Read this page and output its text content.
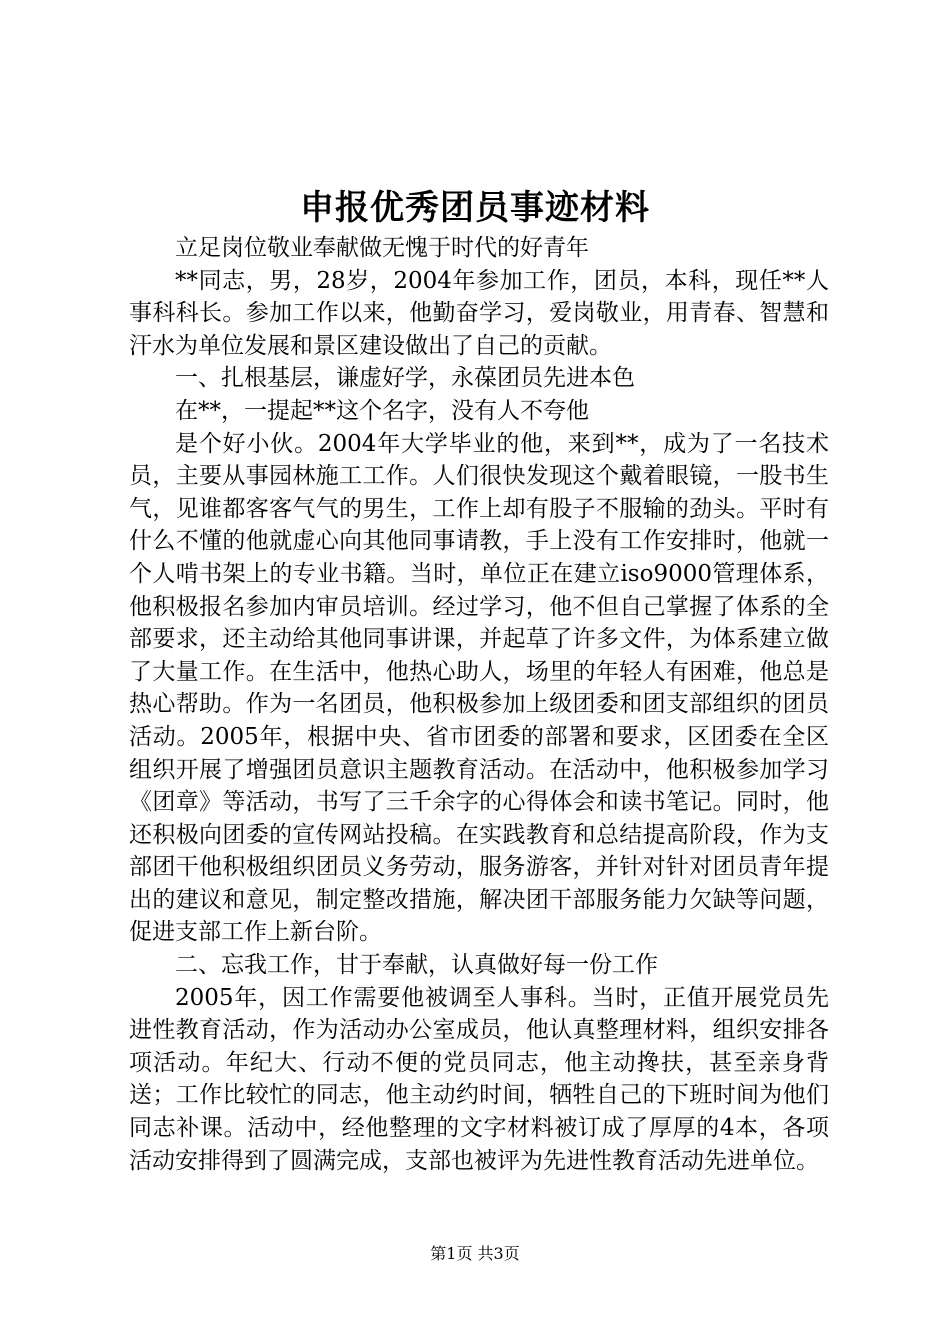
申报优秀团员事迹材料

立足岗位敬业奉献做无愧于时代的好青年

**同志，男，28岁，2004年参加工作，团员，本科，现任**人事科科长。参加工作以来，他勤奋学习，爱岗敬业，用青春、智慧和汗水为单位发展和景区建设做出了自己的贡献。

一、扎根基层，谦虚好学，永葆团员先进本色

在**，一提起**这个名字，没有人不夸他

是个好小伙。2004年大学毕业的他，来到**，成为了一名技术员，主要从事园林施工工作。人们很快发现这个戴着眼镜，一股书生气，见谁都客客气气的男生，工作上却有股子不服输的劲头。平时有什么不懂的他就虚心向其他同事请教，手上没有工作安排时，他就一个人啃书架上的专业书籍。当时，单位正在建立iso9000管理体系，他积极报名参加内审员培训。经过学习，他不但自己掌握了体系的全部要求，还主动给其他同事讲课，并起草了许多文件，为体系建立做了大量工作。在生活中，他热心助人，场里的年轻人有困难，他总是热心帮助。作为一名团员，他积极参加上级团委和团支部组织的团员活动。2005年，根据中央、省市团委的部署和要求，区团委在全区组织开展了增强团员意识主题教育活动。在活动中，他积极参加学习《团章》等活动，书写了三千余字的心得体会和读书笔记。同时，他还积极向团委的宣传网站投稿。在实践教育和总结提高阶段，作为支部团干他积极组织团员义务劳动，服务游客，并针对针对团员青年提出的建议和意见，制定整改措施，解决团干部服务能力欠缺等问题，促进支部工作上新台阶。

二、忘我工作，甘于奉献，认真做好每一份工作

2005年，因工作需要他被调至人事科。当时，正值开展党员先进性教育活动，作为活动办公室成员，他认真整理材料，组织安排各项活动。年纪大、行动不便的党员同志，他主动搀扶，甚至亲身背送；工作比较忙的同志，他主动约时间，牺牲自己的下班时间为他们同志补课。活动中，经他整理的文字材料被订成了厚厚的4本，各项活动安排得到了圆满完成，支部也被评为先进性教育活动先进单位。

第1页 共3页
